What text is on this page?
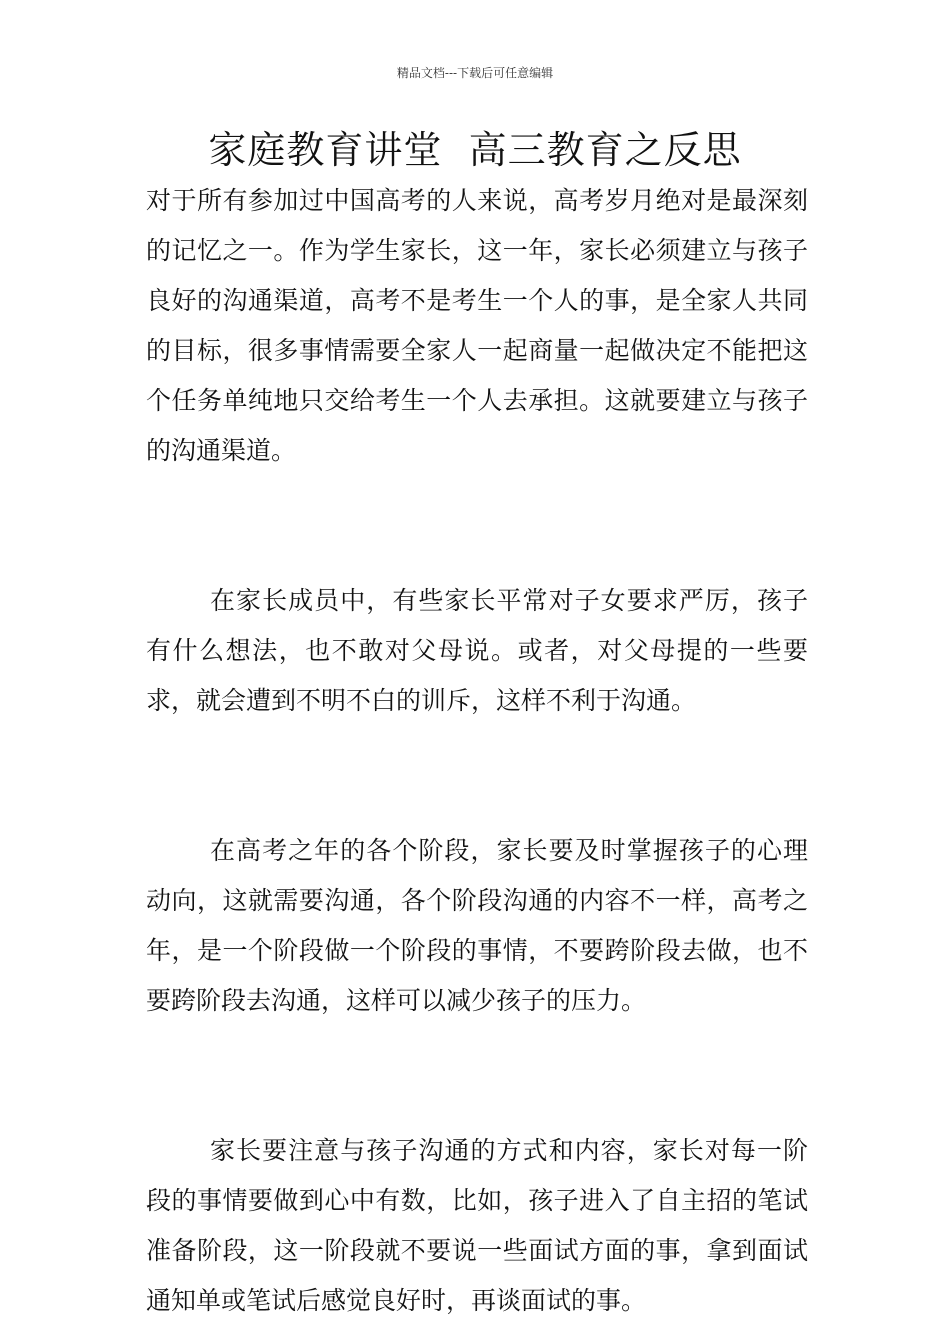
精品文档---下载后可任意编辑
家庭教育讲堂  高三教育之反思

对于所有参加过中国高考的人来说，高考岁月绝对是最深刻的记忆之一。作为学生家长，这一年，家长必须建立与孩子良好的沟通渠道，高考不是考生一个人的事，是全家人共同的目标，很多事情需要全家人一起商量一起做决定不能把这个任务单纯地只交给考生一个人去承担。这就要建立与孩子的沟通渠道。

在家长成员中，有些家长平常对子女要求严厉，孩子有什么想法，也不敢对父母说。或者，对父母提的一些要求，就会遭到不明不白的训斥，这样不利于沟通。

在高考之年的各个阶段，家长要及时掌握孩子的心理动向，这就需要沟通，各个阶段沟通的内容不一样，高考之年，是一个阶段做一个阶段的事情，不要跨阶段去做，也不要跨阶段去沟通，这样可以减少孩子的压力。

家长要注意与孩子沟通的方式和内容，家长对每一阶段的事情要做到心中有数，比如，孩子进入了自主招的笔试准备阶段，这一阶段就不要说一些面试方面的事，拿到面试通知单或笔试后感觉良好时，再谈面试的事。
